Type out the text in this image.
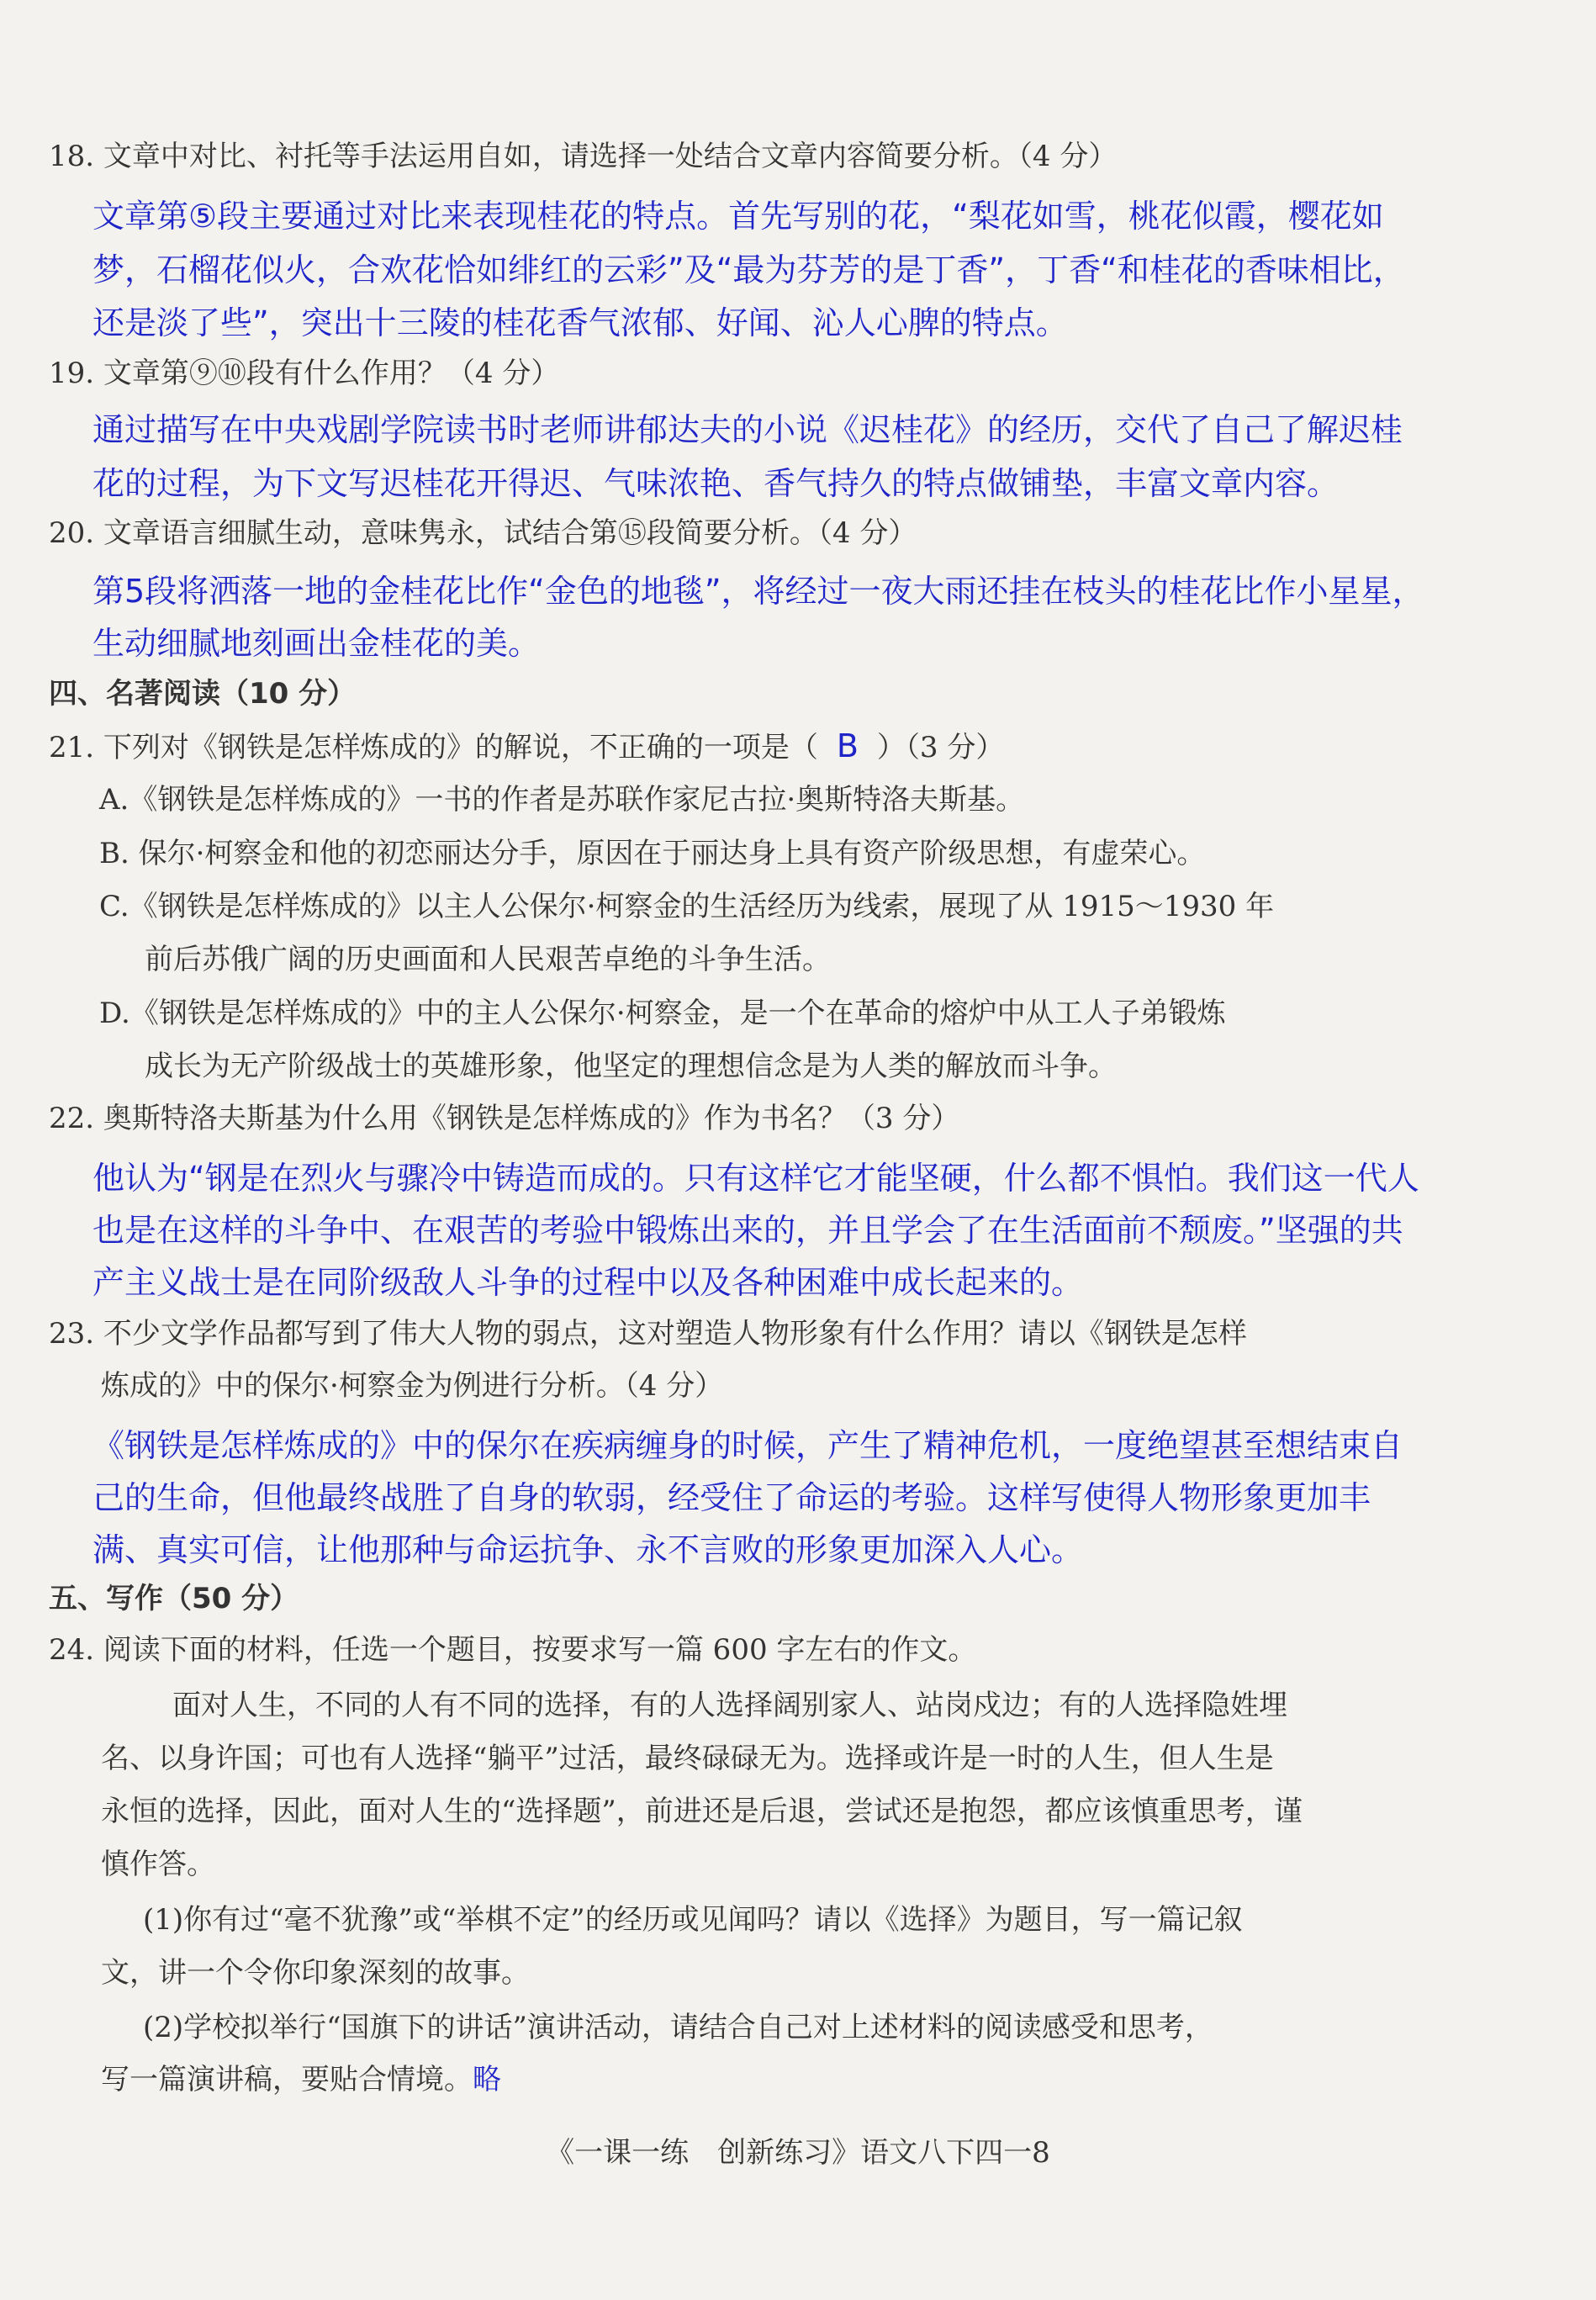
18. 文章中对比、衬托等手法运用自如，请选择一处结合文章内容简要分析。（4 分）
文章第⑤段主要通过对比来表现桂花的特点。首先写别的花，“梨花如雪，桃花似霞，樱花如
梦，石榴花似火，合欢花恰如绯红的云彩”及“最为芬芳的是丁香”，丁香“和桂花的香味相比，
还是淡了些”，突出十三陵的桂花香气浓郁、好闻、沁人心脾的特点。
19. 文章第⑨⑩段有什么作用？（4 分）
通过描写在中央戏剧学院读书时老师讲郁达夫的小说《迟桂花》的经历，交代了自己了解迟桂
花的过程，为下文写迟桂花开得迟、气味浓艳、香气持久的特点做铺垫，丰富文章内容。
20. 文章语言细腻生动，意味隽永，试结合第⑮段简要分析。（4 分）
第5段将洒落一地的金桂花比作“金色的地毯”，将经过一夜大雨还挂在枝头的桂花比作小星星，
生动细腻地刻画出金桂花的美。
四、名著阅读（10 分）
21. 下列对《钢铁是怎样炼成的》的解说，不正确的一项是（ B ）（3 分）
A.《钢铁是怎样炼成的》一书的作者是苏联作家尼古拉·奥斯特洛夫斯基。
B. 保尔·柯察金和他的初恋丽达分手，原因在于丽达身上具有资产阶级思想，有虚荣心。
C.《钢铁是怎样炼成的》以主人公保尔·柯察金的生活经历为线索，展现了从 1915～1930 年
前后苏俄广阔的历史画面和人民艰苦卓绝的斗争生活。
D.《钢铁是怎样炼成的》中的主人公保尔·柯察金，是一个在革命的熔炉中从工人子弟锻炼
成长为无产阶级战士的英雄形象，他坚定的理想信念是为人类的解放而斗争。
22. 奥斯特洛夫斯基为什么用《钢铁是怎样炼成的》作为书名？（3 分）
他认为“钢是在烈火与骤冷中铸造而成的。只有这样它才能坚硬，什么都不惧怕。我们这一代人
也是在这样的斗争中、在艰苦的考验中锻炼出来的，并且学会了在生活面前不颓废。”坚强的共
产主义战士是在同阶级敌人斗争的过程中以及各种困难中成长起来的。
23. 不少文学作品都写到了伟大人物的弱点，这对塑造人物形象有什么作用？请以《钢铁是怎样
炼成的》中的保尔·柯察金为例进行分析。（4 分）
《钢铁是怎样炼成的》中的保尔在疾病缠身的时候，产生了精神危机，一度绝望甚至想结束自
己的生命，但他最终战胜了自身的软弱，经受住了命运的考验。这样写使得人物形象更加丰
满、真实可信，让他那种与命运抗争、永不言败的形象更加深入人心。
五、写作（50 分）
24. 阅读下面的材料，任选一个题目，按要求写一篇 600 字左右的作文。
面对人生，不同的人有不同的选择，有的人选择阔别家人、站岗戍边；有的人选择隐姓埋
名、以身许国；可也有人选择“躺平”过活，最终碌碌无为。选择或许是一时的人生，但人生是
永恒的选择，因此，面对人生的“选择题”，前进还是后退，尝试还是抱怨，都应该慎重思考，谨
慎作答。
(1)你有过“毫不犹豫”或“举棋不定”的经历或见闻吗？请以《选择》为题目，写一篇记叙
文，讲一个令你印象深刻的故事。
(2)学校拟举行“国旗下的讲话”演讲活动，请结合自己对上述材料的阅读感受和思考，
写一篇演讲稿，要贴合情境。略
《一课一练　创新练习》语文八下四一8
